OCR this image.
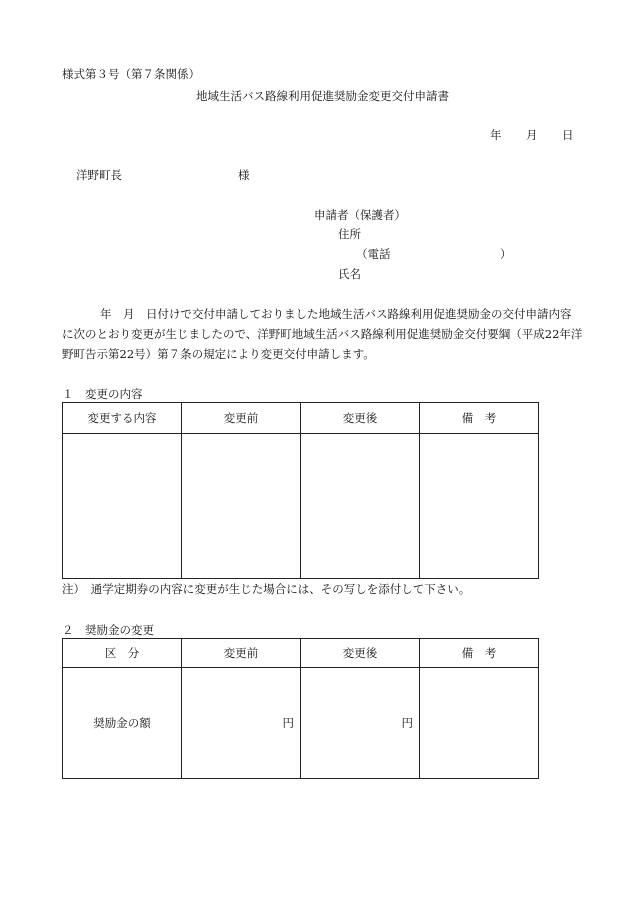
様式第３号（第７条関係）
地域生活バス路線利用促進奨励金変更交付申請書
年 月 日
洋野町長	様
申請者（保護者）
住所
（電話	）
氏名
年　月　日付けで交付申請しておりました地域生活バス路線利用促進奨励金の交付申請内容
に次のとおり変更が生じましたので、洋野町地域生活バス路線利用促進奨励金交付要綱（平成22年洋
野町告示第22号）第７条の規定により変更交付申請します。
１　変更の内容
変更する内容	変更前	変更後	備　考

注）　通学定期券の内容に変更が生じた場合には、その写しを添付して下さい。
２　奨励金の変更
区　分	変更前	変更後	備　考
奨励金の額	円	円	
